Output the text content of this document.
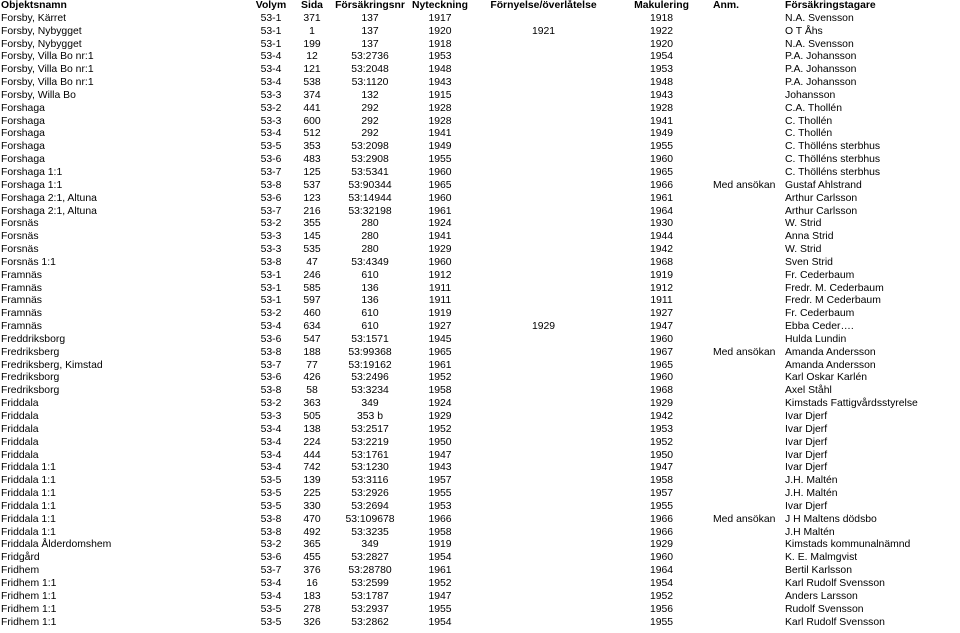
Objektsnamn	Volym	Sida	Försäkringsnr	Nyteckning	Förnyelse/överlåtelse	Makulering	Anm.	Försäkringstagare
Forsby, Kärret	53-1	371	137	1917		1918		N.A. Svensson
Forsby, Nybygget	53-1	1	137	1920	1921	1922		O T Åhs
Forsby, Nybygget	53-1	199	137	1918		1920		N.A. Svensson
Forsby, Villa Bo nr:1	53-4	12	53:2736	1953		1954		P.A. Johansson
Forsby, Villa Bo nr:1	53-4	121	53:2048	1948		1953		P.A. Johansson
Forsby, Villa Bo nr:1	53-4	538	53:1120	1943		1948		P.A. Johansson
Forsby, Willa Bo	53-3	374	132	1915		1943		Johansson
Forshaga	53-2	441	292	1928		1928		C.A. Thollén
Forshaga	53-3	600	292	1928		1941		C. Thollén
Forshaga	53-4	512	292	1941		1949		C. Thollén
Forshaga	53-5	353	53:2098	1949		1955		C. Thölléns sterbhus
Forshaga	53-6	483	53:2908	1955		1960		C. Thölléns sterbhus
Forshaga 1:1	53-7	125	53:5341	1960		1965		C. Thölléns sterbhus
Forshaga 1:1	53-8	537	53:90344	1965		1966	Med ansökan	Gustaf Ahlstrand
Forshaga 2:1, Altuna	53-6	123	53:14944	1960		1961		Arthur Carlsson
Forshaga 2:1, Altuna	53-7	216	53:32198	1961		1964		Arthur Carlsson
Forsnäs	53-2	355	280	1924		1930		W. Strid
Forsnäs	53-3	145	280	1941		1944		Anna Strid
Forsnäs	53-3	535	280	1929		1942		W. Strid
Forsnäs 1:1	53-8	47	53:4349	1960		1968		Sven Strid
Framnäs	53-1	246	610	1912		1919		Fr. Cederbaum
Framnäs	53-1	585	136	1911		1912		Fredr. M. Cederbaum
Framnäs	53-1	597	136	1911		1911		Fredr. M Cederbaum
Framnäs	53-2	460	610	1919		1927		Fr. Cederbaum
Framnäs	53-4	634	610	1927	1929	1947		Ebba Ceder….
Freddriksborg	53-6	547	53:1571	1945		1960		Hulda Lundin
Fredriksberg	53-8	188	53:99368	1965		1967	Med ansökan	Amanda Andersson
Fredriksberg, Kimstad	53-7	77	53:19162	1961		1965		Amanda Andersson
Fredriksborg	53-6	426	53:2496	1952		1960		Karl Oskar Karlén
Fredriksborg	53-8	58	53:3234	1958		1968		Axel Ståhl
Friddala	53-2	363	349	1924		1929		Kimstads Fattigvårdsstyrelse
Friddala	53-3	505	353 b	1929		1942		Ivar Djerf
Friddala	53-4	138	53:2517	1952		1953		Ivar Djerf
Friddala	53-4	224	53:2219	1950		1952		Ivar Djerf
Friddala	53-4	444	53:1761	1947		1950		Ivar Djerf
Friddala 1:1	53-4	742	53:1230	1943		1947		Ivar Djerf
Friddala 1:1	53-5	139	53:3116	1957		1958		J.H. Maltén
Friddala 1:1	53-5	225	53:2926	1955		1957		J.H. Maltén
Friddala 1:1	53-5	330	53:2694	1953		1955		Ivar Djerf
Friddala 1:1	53-8	470	53:109678	1966		1966	Med ansökan	J H Maltens dödsbo
Friddala 1:1	53-8	492	53:3235	1958		1966		J.H Maltén
Friddala Ålderdomshem	53-2	365	349	1919		1929		Kimstads kommunalnämnd
Fridgård	53-6	455	53:2827	1954		1960		K. E. Malmgvist
Fridhem	53-7	376	53:28780	1961		1964		Bertil Karlsson
Fridhem 1:1	53-4	16	53:2599	1952		1954		Karl Rudolf Svensson
Fridhem 1:1	53-4	183	53:1787	1947		1952		Anders Larsson
Fridhem 1:1	53-5	278	53:2937	1955		1956		Rudolf Svensson
Fridhem 1:1	53-5	326	53:2862	1954		1955		Karl Rudolf Svensson
